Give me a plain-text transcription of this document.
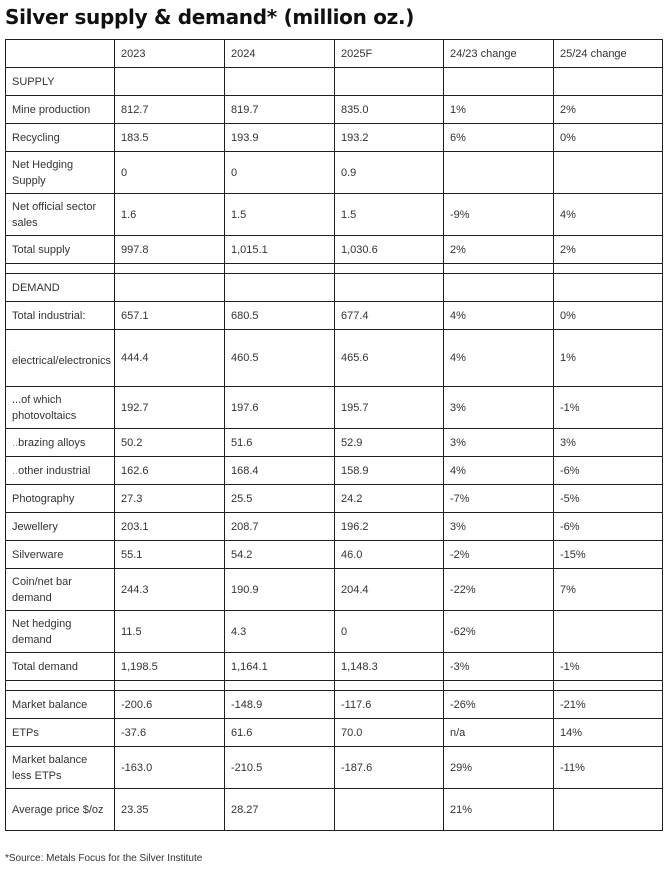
Silver supply & demand* (million oz.)
	2023	2024	2025F	24/23 change	25/24 change
SUPPLY					
Mine production	812.7	819.7	835.0	1%	2%
Recycling	183.5	193.9	193.2	6%	0%
Net Hedging Supply	0	0	0.9		
Net official sector sales	1.6	1.5	1.5	-9%	4%
Total supply	997.8	1,015.1	1,030.6	2%	2%

DEMAND					
Total industrial:	657.1	680.5	677.4	4%	0%

..
electrical/electronics	444.4	460.5	465.6	4%	1%
...of which photovoltaics	192.7	197.6	195.7	3%	-1%
..brazing alloys	50.2	51.6	52.9	3%	3%
..other industrial	162.6	168.4	158.9	4%	-6%
Photography	27.3	25.5	24.2	-7%	-5%
Jewellery	203.1	208.7	196.2	3%	-6%
Silverware	55.1	54.2	46.0	-2%	-15%
Coin/net bar demand	244.3	190.9	204.4	-22%	7%
Net hedging demand	11.5	4.3	0	-62%	
Total demand	1,198.5	1,164.1	1,148.3	-3%	-1%

Market balance	-200.6	-148.9	-117.6	-26%	-21%
ETPs	-37.6	61.6	70.0	n/a	14%
Market balance less ETPs	-163.0	-210.5	-187.6	29%	-11%
Average price $/oz	23.35	28.27		21%	
*Source: Metals Focus for the Silver Institute
